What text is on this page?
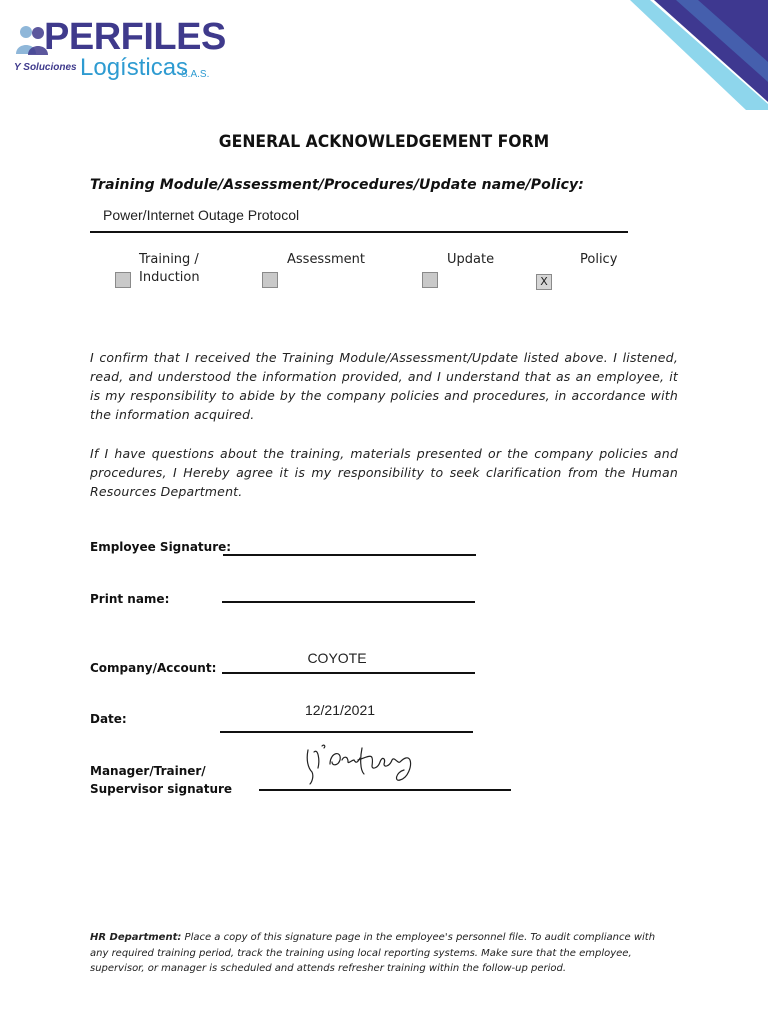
PERFILES
Y Soluciones Logísticas
S.A.S.
GENERAL ACKNOWLEDGEMENT FORM
Training Module/Assessment/Procedures/Update name/Policy:
Power/Internet Outage Protocol
Training /
Induction
Assessment	Update	Policy
X
I confirm that I received the Training Module/Assessment/Update listed above. I listened, read, and understood the information provided, and I understand that as an employee, it is my responsibility to abide by the company policies and procedures, in accordance with the information acquired.
If I have questions about the training, materials presented or the company policies and procedures, I Hereby agree it is my responsibility to seek clarification from the Human Resources Department.
Employee Signature:
Print name:
Company/Account:
COYOTE
Date:
12/21/2021
Manager/Trainer/
Supervisor signature
HR Department: Place a copy of this signature page in the employee's personnel file. To audit compliance with any required training period, track the training using local reporting systems. Make sure that the employee, supervisor, or manager is scheduled and attends refresher training within the follow-up period.
